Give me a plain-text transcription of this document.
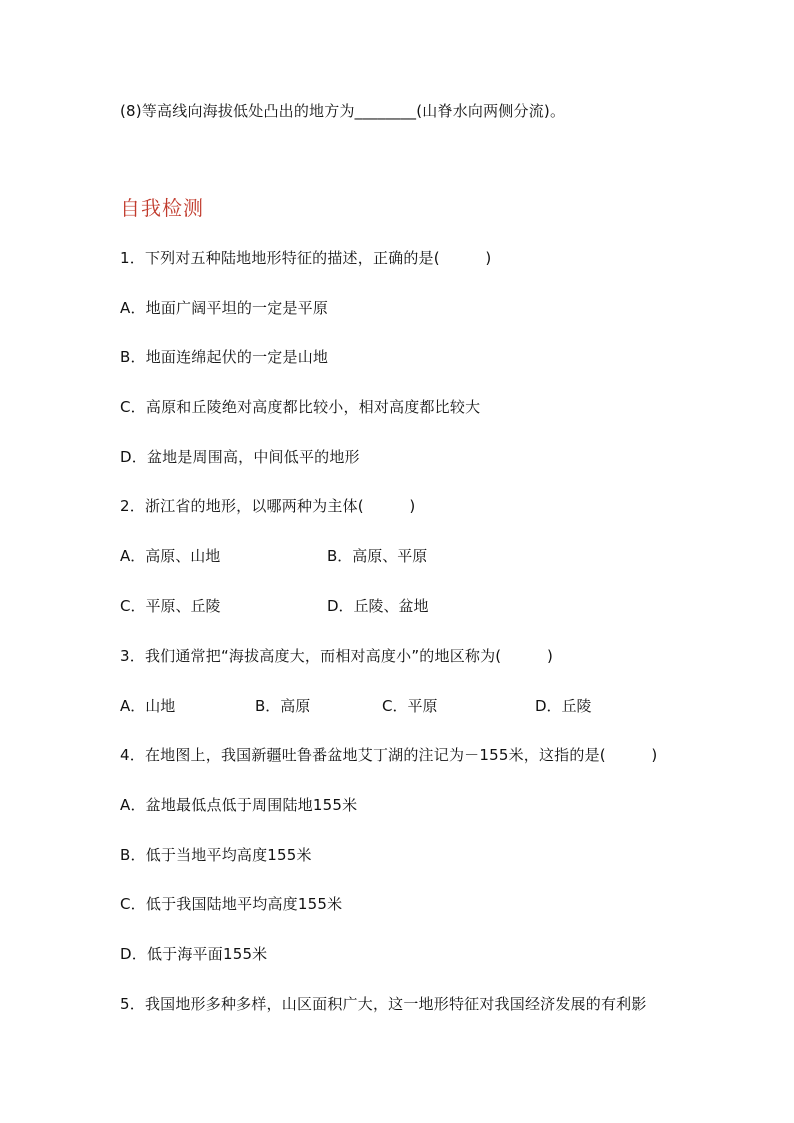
(8)等高线向海拔低处凸出的地方为________(山脊水向两侧分流)。
自我检测
1．下列对五种陆地地形特征的描述，正确的是(　　　)
A．地面广阔平坦的一定是平原
B．地面连绵起伏的一定是山地
C．高原和丘陵绝对高度都比较小，相对高度都比较大
D．盆地是周围高，中间低平的地形
2．浙江省的地形，以哪两种为主体(　　　)

A．高原、山地

	B．高原、平原

C．平原、丘陵

	D．丘陵、盆地

3．我们通常把“海拔高度大，而相对高度小”的地区称为(　　　)

A．山地

	B．高原

	C．平原

	D．丘陵

4．在地图上，我国新疆吐鲁番盆地艾丁湖的注记为－155米，这指的是(　　　)
A．盆地最低点低于周围陆地155米
B．低于当地平均高度155米
C．低于我国陆地平均高度155米
D．低于海平面155米
5．我国地形多种多样，山区面积广大，这一地形特征对我国经济发展的有利影
